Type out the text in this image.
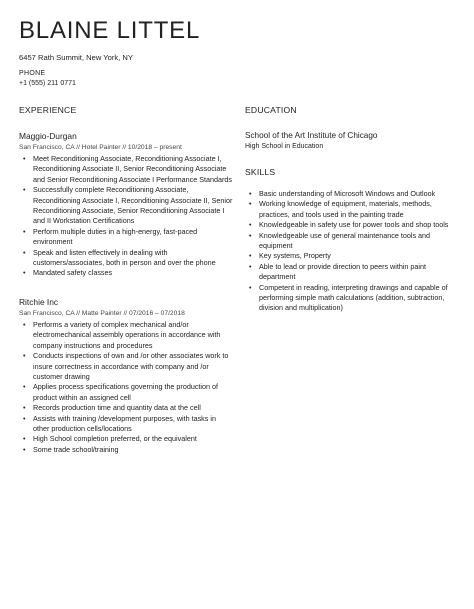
BLAINE LITTEL
6457 Rath Summit, New York, NY
PHONE
+1 (555) 211 0771
EXPERIENCE
Maggio-Durgan
San Francisco, CA // Hotel Painter // 10/2018 – present
• Meet Reconditioning Associate, Reconditioning Associate I, Reconditioning Associate II, Senior Reconditioning Associate and Senior Reconditioning Associate I Performance Standards
• Successfully complete Reconditioning Associate, Reconditioning Associate I, Reconditioning Associate II, Senior Reconditioning Associate, Senior Reconditioning Associate I and II Workstation Certifications
• Perform multiple duties in a high-energy, fast-paced environment
• Speak and listen effectively in dealing with customers/associates, both in person and over the phone
• Mandated safety classes
Ritchie Inc
San Francisco, CA // Matte Painter // 07/2016 – 07/2018
• Performs a variety of complex mechanical and/or electromechanical assembly operations in accordance with company instructions and procedures
• Conducts inspections of own and /or other associates work to insure correctness in accordance with company and /or customer drawing
• Applies process specifications governing the production of product within an assigned cell
• Records production time and quantity data at the cell
• Assists with training /development purposes, with tasks in other production cells/locations
• High School completion preferred, or the equivalent
• Some trade school/training
EDUCATION
School of the Art Institute of Chicago
High School in Education
SKILLS
• Basic understanding of Microsoft Windows and Outlook
• Working knowledge of equipment, materials, methods, practices, and tools used in the painting trade
• Knowledgeable in safety use for power tools and shop tools
• Knowledgeable use of general maintenance tools and equipment
• Key systems, Property
• Able to lead or provide direction to peers within paint department
• Competent in reading, interpreting drawings and capable of performing simple math calculations (addition, subtraction, division and multiplication)
